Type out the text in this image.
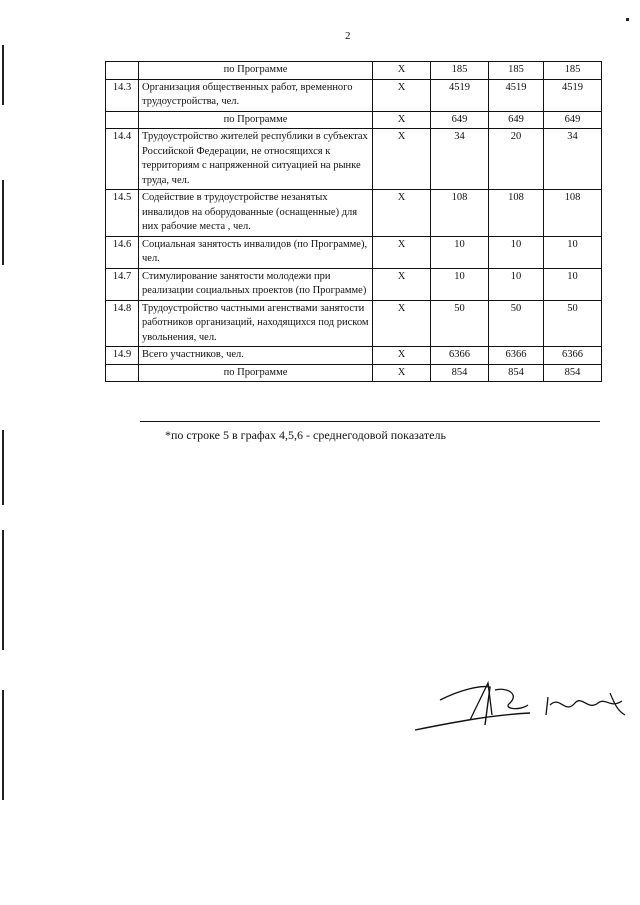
2
	по Программе	Х	185	185	185
14.3	Организация общественных работ, временного трудоустройства, чел.	Х	4519	4519	4519
	по Программе	Х	649	649	649
14.4	Трудоустройство жителей республики в субъектах Российской Федерации, не относящихся к территориям с напряженной ситуацией на рынке труда, чел.	Х	34	20	34
14.5	Содействие в трудоустройстве незанятых инвалидов на оборудованные (оснащенные) для них рабочие места , чел.	Х	108	108	108
14.6	Социальная занятость инвалидов (по Программе), чел.	Х	10	10	10
14.7	Стимулирование занятости молодежи при реализации социальных проектов (по Программе)	Х	10	10	10
14.8	Трудоустройство частными агенствами занятости работников организаций, находящихся под риском увольнения, чел.	Х	50	50	50
14.9	Всего участников, чел.	Х	6366	6366	6366
	по Программе	Х	854	854	854
*по строке 5 в графах 4,5,6 - среднегодовой показатель
